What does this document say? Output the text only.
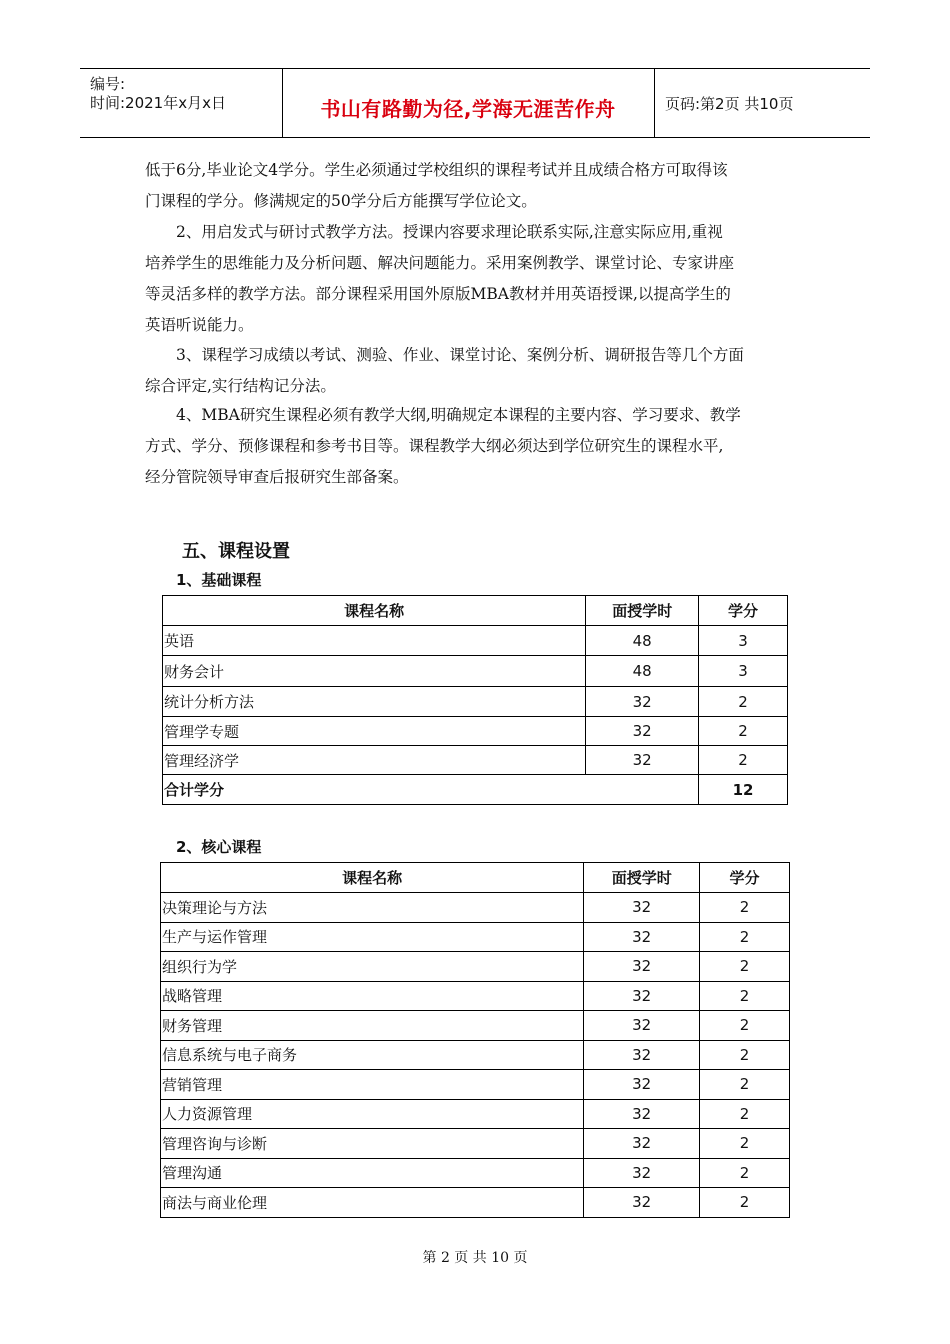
编号:
时间:2021年x月x日	书山有路勤为径,学海无涯苦作舟	页码:第2页 共10页
低于6分,毕业论文4学分。学生必须通过学校组织的课程考试并且成绩合格方可取得该
门课程的学分。修满规定的50学分后方能撰写学位论文。
2、用启发式与研讨式教学方法。授课内容要求理论联系实际,注意实际应用,重视
培养学生的思维能力及分析问题、解决问题能力。采用案例教学、课堂讨论、专家讲座
等灵活多样的教学方法。部分课程采用国外原版MBA教材并用英语授课,以提高学生的
英语听说能力。
3、课程学习成绩以考试、测验、作业、课堂讨论、案例分析、调研报告等几个方面
综合评定,实行结构记分法。
4、MBA研究生课程必须有教学大纲,明确规定本课程的主要内容、学习要求、教学
方式、学分、预修课程和参考书目等。课程教学大纲必须达到学位研究生的课程水平,
经分管院领导审查后报研究生部备案。
五、课程设置
1、基础课程
课程名称	面授学时	学分
英语	48	3
财务会计	48	3
统计分析方法	32	2
管理学专题	32	2
管理经济学	32	2
合计学分		12
2、核心课程
课程名称	面授学时	学分
决策理论与方法	32	2
生产与运作管理	32	2
组织行为学	32	2
战略管理	32	2
财务管理	32	2
信息系统与电子商务	32	2
营销管理	32	2
人力资源管理	32	2
管理咨询与诊断	32	2
管理沟通	32	2
商法与商业伦理	32	2
第 2 页 共 10 页
